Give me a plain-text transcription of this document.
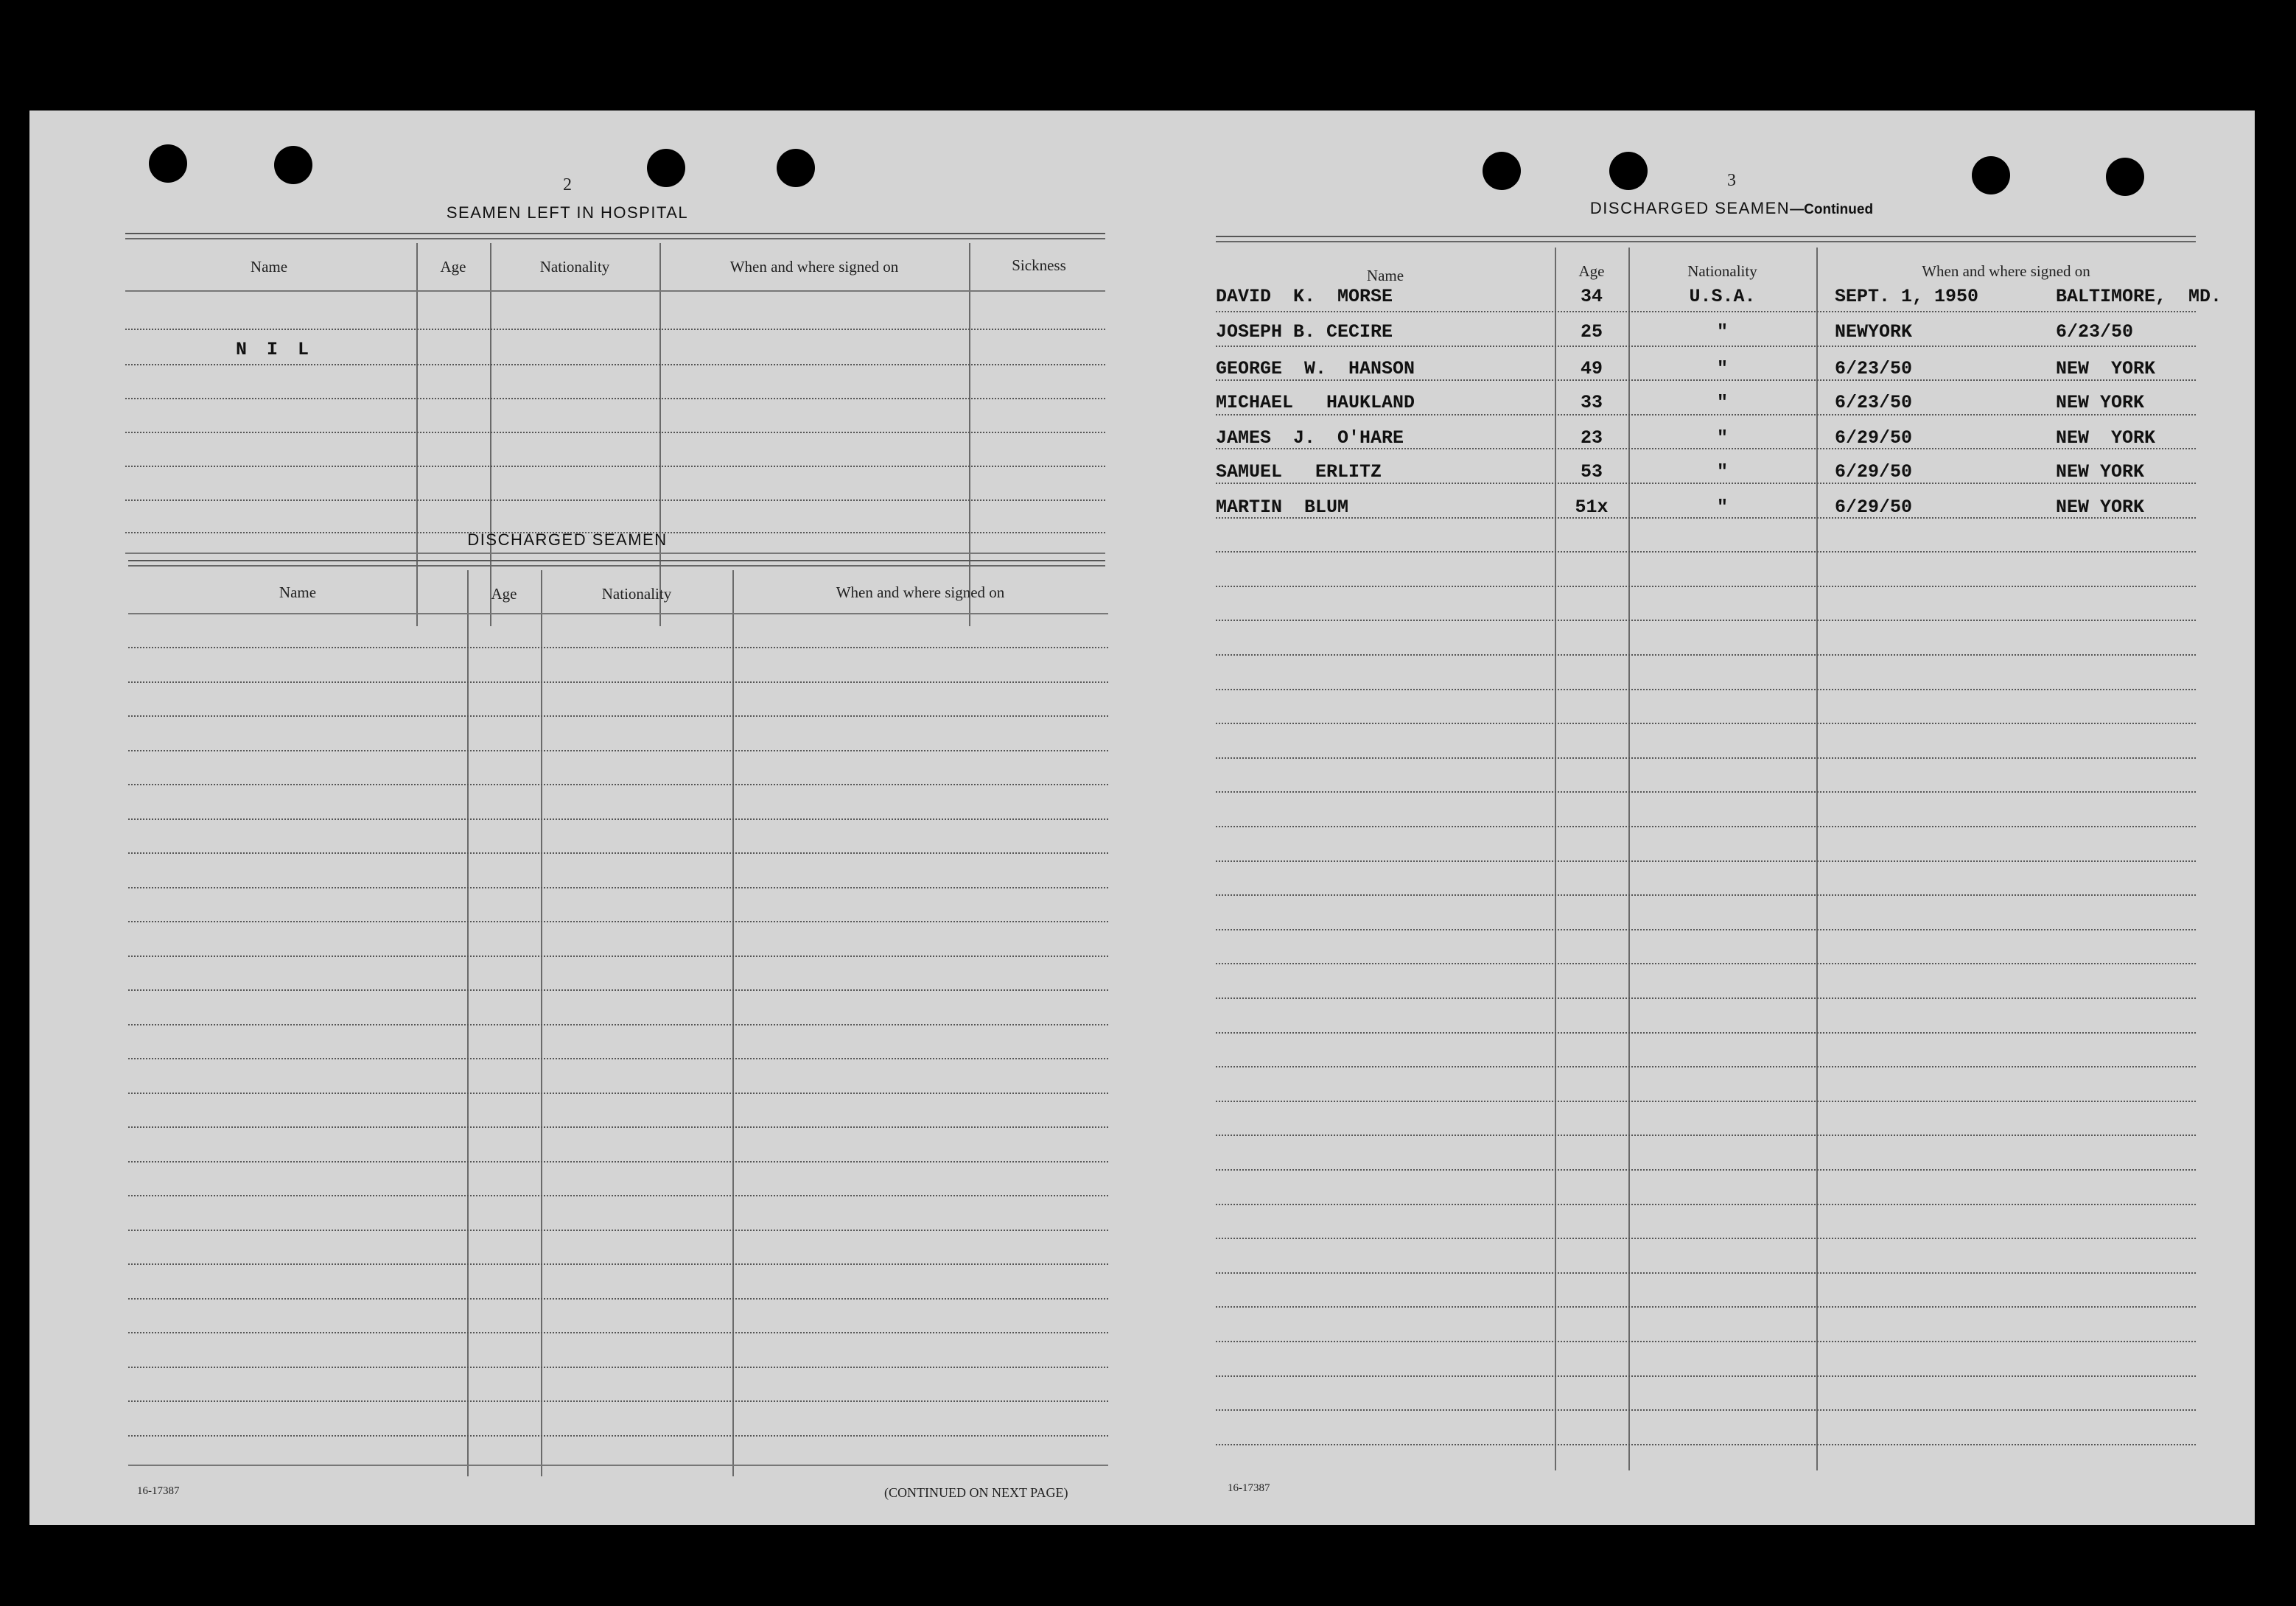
2
SEAMEN LEFT IN HOSPITAL
Name	Age	Nationality	When and where signed on	Sickness
N I L
DISCHARGED SEAMEN
Name	Age	Nationality	When and where signed on
16-17387	(CONTINUED ON NEXT PAGE)
3
DISCHARGED SEAMEN—Continued
Name	Age	Nationality	When and where signed on
DAVID  K.  MORSE	34	U.S.A.	SEPT. 1, 1950	BALTIMORE,  MD.
JOSEPH B. CECIRE	25	"	NEWYORK	6/23/50
GEORGE  W.  HANSON	49	"	6/23/50	NEW  YORK
MICHAEL   HAUKLAND	33	"	6/23/50	NEW YORK
JAMES  J.  O'HARE	23	"	6/29/50	NEW  YORK
SAMUEL   ERLITZ	53	"	6/29/50	NEW YORK
MARTIN  BLUM	51x	"	6/29/50	NEW YORK
16-17387
